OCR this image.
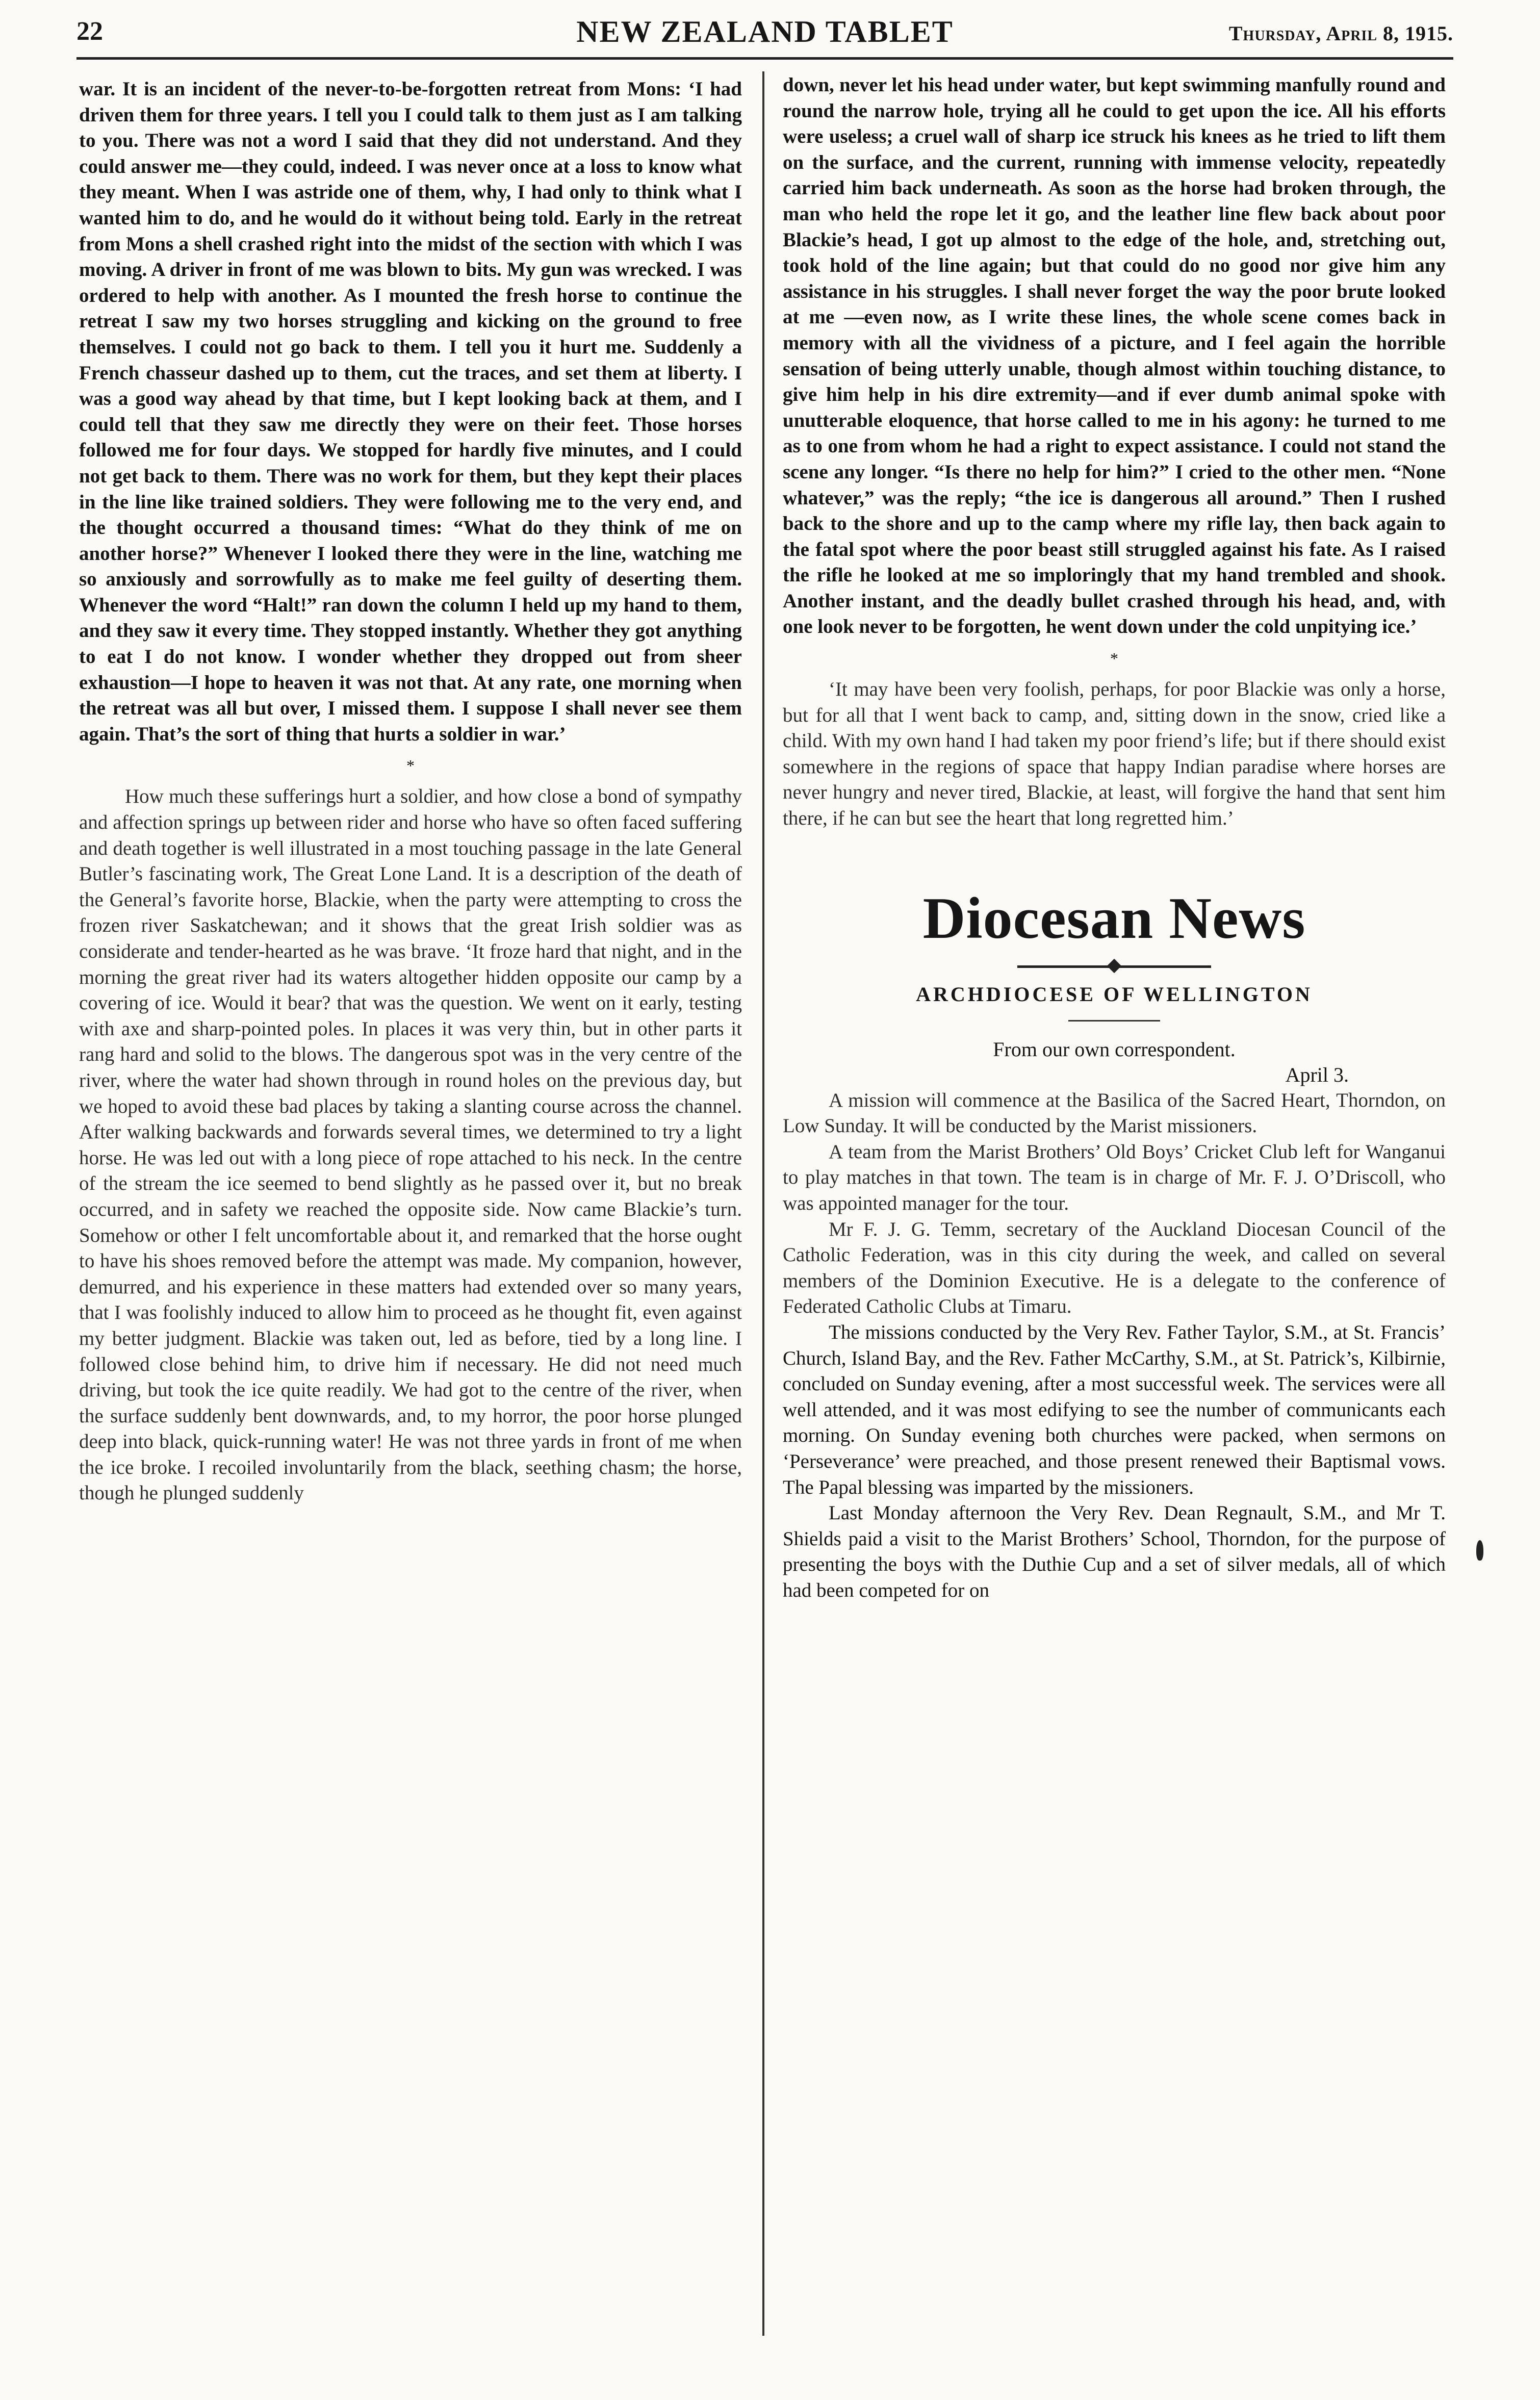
22	NEW ZEALAND TABLET	Thursday, April 8, 1915.

war. It is an incident of the never-to-be-forgotten retreat from Mons: ‘I had driven them for three years. I tell you I could talk to them just as I am talking to you. There was not a word I said that they did not understand. And they could answer me—they could, indeed. I was never once at a loss to know what they meant. When I was astride one of them, why, I had only to think what I wanted him to do, and he would do it without being told. Early in the retreat from Mons a shell crashed right into the midst of the section with which I was moving. A driver in front of me was blown to bits. My gun was wrecked. I was ordered to help with another. As I mounted the fresh horse to continue the retreat I saw my two horses struggling and kicking on the ground to free themselves. I could not go back to them. I tell you it hurt me. Suddenly a French chasseur dashed up to them, cut the traces, and set them at liberty. I was a good way ahead by that time, but I kept looking back at them, and I could tell that they saw me directly they were on their feet. Those horses followed me for four days. We stopped for hardly five minutes, and I could not get back to them. There was no work for them, but they kept their places in the line like trained soldiers. They were following me to the very end, and the thought occurred a thousand times: “What do they think of me on another horse?” Whenever I looked there they were in the line, watching me so anxiously and sorrowfully as to make me feel guilty of deserting them. Whenever the word “Halt!” ran down the column I held up my hand to them, and they saw it every time. They stopped instantly. Whether they got anything to eat I do not know. I wonder whether they dropped out from sheer exhaustion—I hope to heaven it was not that. At any rate, one morning when the retreat was all but over, I missed them. I suppose I shall never see them again. That’s the sort of thing that hurts a soldier in war.’

*

How much these sufferings hurt a soldier, and how close a bond of sympathy and affection springs up between rider and horse who have so often faced suffering and death together is well illustrated in a most touching passage in the late General Butler’s fascinating work, The Great Lone Land. It is a description of the death of the General’s favorite horse, Blackie, when the party were attempting to cross the frozen river Saskatchewan; and it shows that the great Irish soldier was as considerate and tender-hearted as he was brave. ‘It froze hard that night, and in the morning the great river had its waters altogether hidden opposite our camp by a covering of ice. Would it bear? that was the question. We went on it early, testing with axe and sharp-pointed poles. In places it was very thin, but in other parts it rang hard and solid to the blows. The dangerous spot was in the very centre of the river, where the water had shown through in round holes on the previous day, but we hoped to avoid these bad places by taking a slanting course across the channel. After walking backwards and forwards several times, we determined to try a light horse. He was led out with a long piece of rope attached to his neck. In the centre of the stream the ice seemed to bend slightly as he passed over it, but no break occurred, and in safety we reached the opposite side. Now came Blackie’s turn. Somehow or other I felt uncomfortable about it, and remarked that the horse ought to have his shoes removed before the attempt was made. My companion, however, demurred, and his experience in these matters had extended over so many years, that I was foolishly induced to allow him to proceed as he thought fit, even against my better judgment. Blackie was taken out, led as before, tied by a long line. I followed close behind him, to drive him if necessary. He did not need much driving, but took the ice quite readily. We had got to the centre of the river, when the surface suddenly bent downwards, and, to my horror, the poor horse plunged deep into black, quick-running water! He was not three yards in front of me when the ice broke. I recoiled involuntarily from the black, seething chasm; the horse, though he plunged suddenly

down, never let his head under water, but kept swimming manfully round and round the narrow hole, trying all he could to get upon the ice. All his efforts were useless; a cruel wall of sharp ice struck his knees as he tried to lift them on the surface, and the current, running with immense velocity, repeatedly carried him back underneath. As soon as the horse had broken through, the man who held the rope let it go, and the leather line flew back about poor Blackie’s head, I got up almost to the edge of the hole, and, stretching out, took hold of the line again; but that could do no good nor give him any assistance in his struggles. I shall never forget the way the poor brute looked at me —even now, as I write these lines, the whole scene comes back in memory with all the vividness of a picture, and I feel again the horrible sensation of being utterly unable, though almost within touching distance, to give him help in his dire extremity—and if ever dumb animal spoke with unutterable eloquence, that horse called to me in his agony: he turned to me as to one from whom he had a right to expect assistance. I could not stand the scene any longer. “Is there no help for him?” I cried to the other men. “None whatever,” was the reply; “the ice is dangerous all around.” Then I rushed back to the shore and up to the camp where my rifle lay, then back again to the fatal spot where the poor beast still struggled against his fate. As I raised the rifle he looked at me so imploringly that my hand trembled and shook. Another instant, and the deadly bullet crashed through his head, and, with one look never to be forgotten, he went down under the cold unpitying ice.’

*

‘It may have been very foolish, perhaps, for poor Blackie was only a horse, but for all that I went back to camp, and, sitting down in the snow, cried like a child. With my own hand I had taken my poor friend’s life; but if there should exist somewhere in the regions of space that happy Indian paradise where horses are never hungry and never tired, Blackie, at least, will forgive the hand that sent him there, if he can but see the heart that long regretted him.’

Diocesan News
ARCHDIOCESE OF WELLINGTON
From our own correspondent.
April 3.

A mission will commence at the Basilica of the Sacred Heart, Thorndon, on Low Sunday. It will be conducted by the Marist missioners.

A team from the Marist Brothers’ Old Boys’ Cricket Club left for Wanganui to play matches in that town. The team is in charge of Mr. F. J. O’Driscoll, who was appointed manager for the tour.

Mr F. J. G. Temm, secretary of the Auckland Diocesan Council of the Catholic Federation, was in this city during the week, and called on several members of the Dominion Executive. He is a delegate to the conference of Federated Catholic Clubs at Timaru.

The missions conducted by the Very Rev. Father Taylor, S.M., at St. Francis’ Church, Island Bay, and the Rev. Father McCarthy, S.M., at St. Patrick’s, Kilbirnie, concluded on Sunday evening, after a most successful week. The services were all well attended, and it was most edifying to see the number of communicants each morning. On Sunday evening both churches were packed, when sermons on ‘Perseverance’ were preached, and those present renewed their Baptismal vows. The Papal blessing was imparted by the missioners.

Last Monday afternoon the Very Rev. Dean Regnault, S.M., and Mr T. Shields paid a visit to the Marist Brothers’ School, Thorndon, for the purpose of presenting the boys with the Duthie Cup and a set of silver medals, all of which had been competed for on
